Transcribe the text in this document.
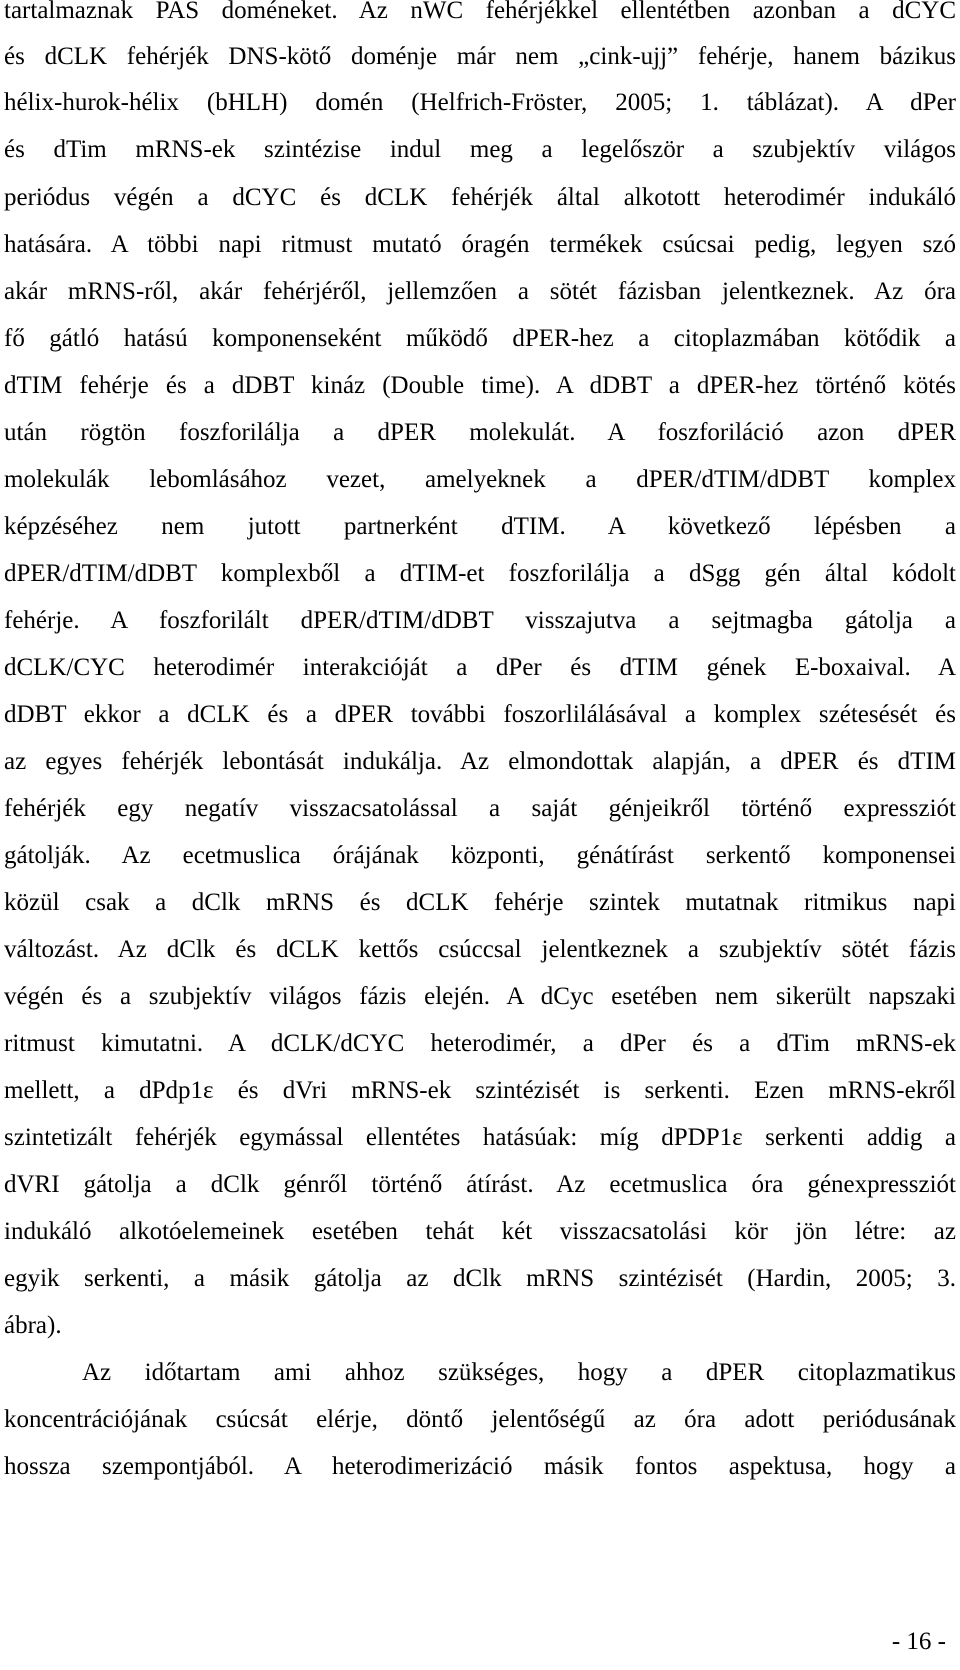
tartalmaznak PAS doméneket. Az nWC fehérjékkel ellentétben azonban a dCYC
és dCLK fehérjék DNS-kötő doménje már nem „cink-ujj” fehérje, hanem bázikus
hélix-hurok-hélix (bHLH) domén (Helfrich-Fröster, 2005; 1. táblázat). A dPer
és dTim mRNS-ek szintézise indul meg a legelőször a szubjektív világos
periódus végén a dCYC és dCLK fehérjék által alkotott heterodimér indukáló
hatására. A többi napi ritmust mutató óragén termékek csúcsai pedig, legyen szó
akár mRNS-ről, akár fehérjéről, jellemzően a sötét fázisban jelentkeznek. Az óra
fő gátló hatású komponenseként működő dPER-hez a citoplazmában kötődik a
dTIM fehérje és a dDBT kináz (Double time). A dDBT a dPER-hez történő kötés
után rögtön foszforilálja a dPER molekulát. A foszforiláció azon dPER
molekulák lebomlásához vezet, amelyeknek a dPER/dTIM/dDBT komplex
képzéséhez nem jutott partnerként dTIM. A következő lépésben a
dPER/dTIM/dDBT komplexből a dTIM-et foszforilálja a dSgg gén által kódolt
fehérje. A foszforilált dPER/dTIM/dDBT visszajutva a sejtmagba gátolja a
dCLK/CYC heterodimér interakcióját a dPer és dTIM gének E-boxaival. A
dDBT ekkor a dCLK és a dPER további foszorlilálásával a komplex szétesését és
az egyes fehérjék lebontását indukálja. Az elmondottak alapján, a dPER és dTIM
fehérjék egy negatív visszacsatolással a saját génjeikről történő expressziót
gátolják. Az ecetmuslica órájának központi, génátírást serkentő komponensei
közül csak a dClk mRNS és dCLK fehérje szintek mutatnak ritmikus napi
változást. Az dClk és dCLK kettős csúccsal jelentkeznek a szubjektív sötét fázis
végén és a szubjektív világos fázis elején. A dCyc esetében nem sikerült napszaki
ritmust kimutatni. A dCLK/dCYC heterodimér, a dPer és a dTim mRNS-ek
mellett, a dPdp1ε és dVri mRNS-ek szintézisét is serkenti. Ezen mRNS-ekről
szintetizált fehérjék egymással ellentétes hatásúak: míg dPDP1ε serkenti addig a
dVRI gátolja a dClk génről történő átírást. Az ecetmuslica óra génexpressziót
indukáló alkotóelemeinek esetében tehát két visszacsatolási kör jön létre: az
egyik serkenti, a másik gátolja az dClk mRNS szintézisét (Hardin, 2005; 3.
ábra).
Az időtartam ami ahhoz szükséges, hogy a dPER citoplazmatikus
koncentrációjának csúcsát elérje, döntő jelentőségű az óra adott periódusának
hossza szempontjából. A heterodimerizáció másik fontos aspektusa, hogy a
- 16 -
